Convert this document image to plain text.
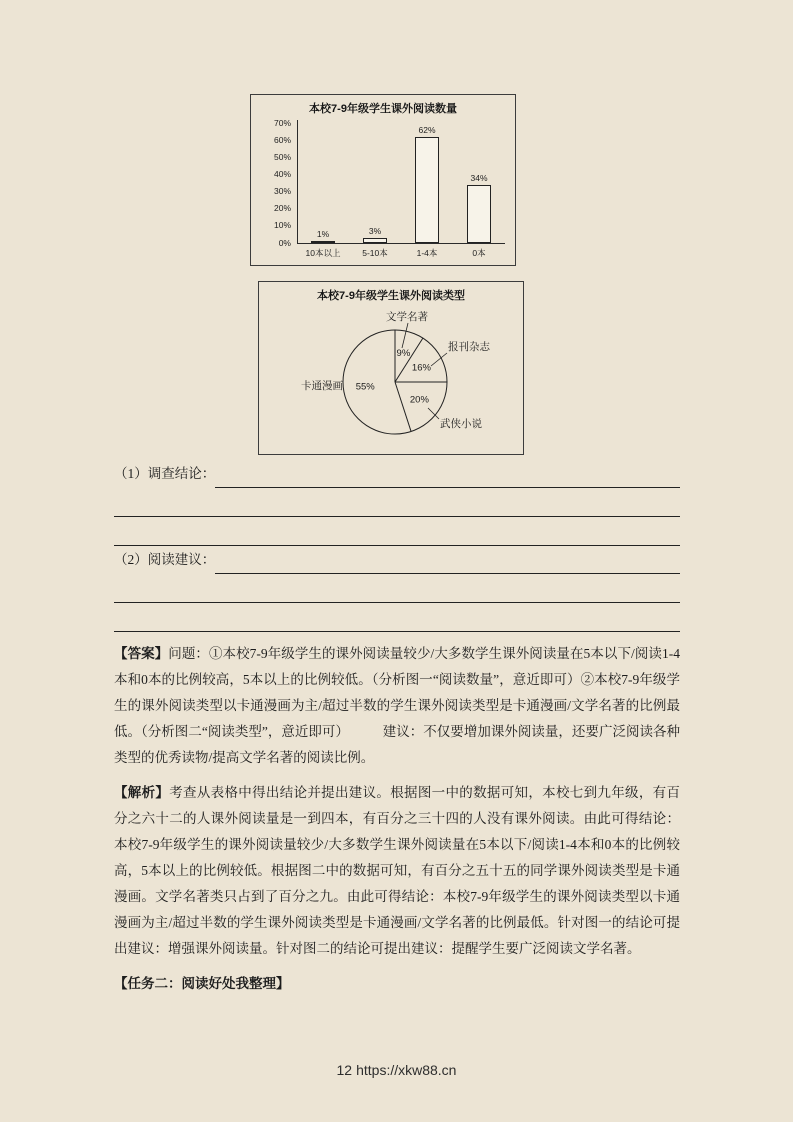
本校7-9年级学生课外阅读数量
0%
10%
20%
30%
40%
50%
60%
70%
1%
10本以上
3%
5-10本
62%
1-4本
34%
0本
本校7-9年级学生课外阅读类型
9%
16%
20%
55%
文学名著
报刊杂志
武侠小说
卡通漫画
（1）调查结论：
（2）阅读建议：

【答案】问题：①本校7-9年级学生的课外阅读量较少/大多数学生课外阅读量在5本以下/阅读1-4本和0本的比例较高，5本以上的比例较低。（分析图一“阅读数量”，意近即可）②本校7-9年级学生的课外阅读类型以卡通漫画为主/超过半数的学生课外阅读类型是卡通漫画/文学名著的比例最低。（分析图二“阅读类型”，意近即可）　　　建议：不仅要增加课外阅读量，还要广泛阅读各种类型的优秀读物/提高文学名著的阅读比例。

【解析】考查从表格中得出结论并提出建议。根据图一中的数据可知，本校七到九年级，有百分之六十二的人课外阅读量是一到四本，有百分之三十四的人没有课外阅读。由此可得结论：本校7-9年级学生的课外阅读量较少/大多数学生课外阅读量在5本以下/阅读1-4本和0本的比例较高，5本以上的比例较低。根据图二中的数据可知，有百分之五十五的同学课外阅读类型是卡通漫画。文学名著类只占到了百分之九。由此可得结论：本校7-9年级学生的课外阅读类型以卡通漫画为主/超过半数的学生课外阅读类型是卡通漫画/文学名著的比例最低。针对图一的结论可提出建议：增强课外阅读量。针对图二的结论可提出建议：提醒学生要广泛阅读文学名著。

【任务二：阅读好处我整理】

12 https://xkw88.cn
